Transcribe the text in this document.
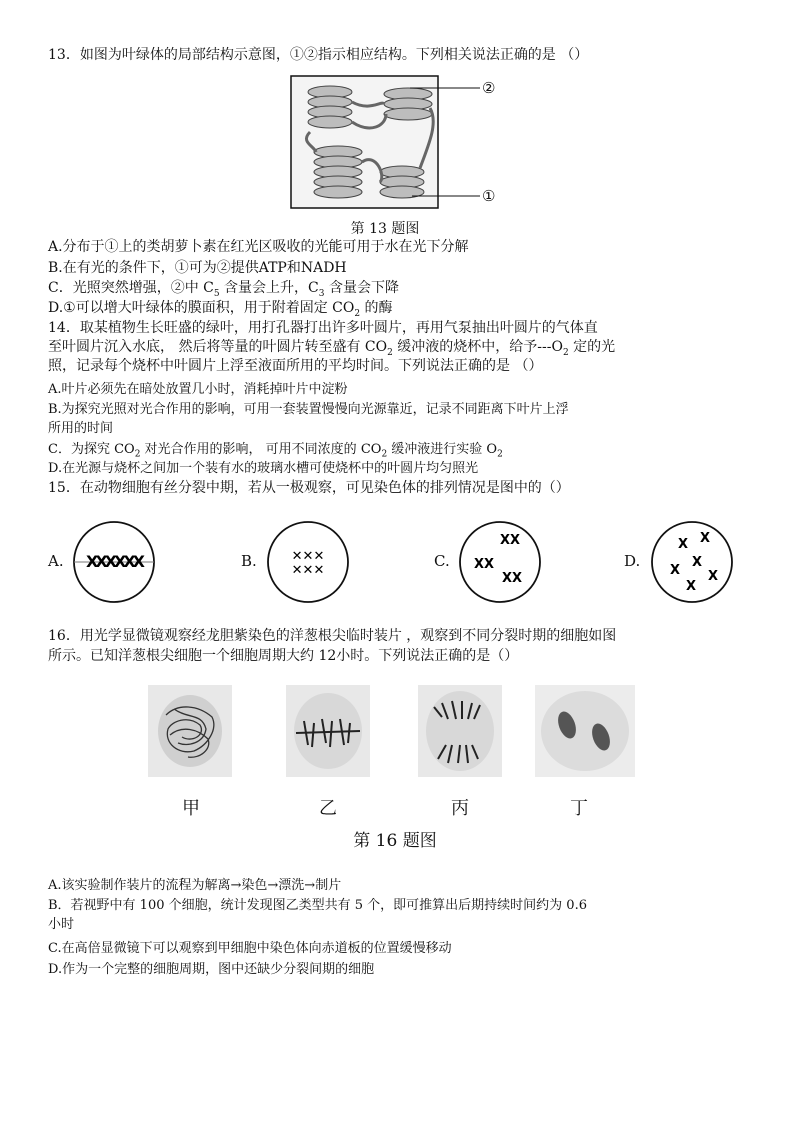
13．如图为叶绿体的局部结构示意图，①②指示相应结构。下列相关说法正确的是 （）
②
①
第 13 题图
A.分布于①上的类胡萝卜素在红光区吸收的光能可用于水在光下分解
B.在有光的条件下，①可为②提供ATP和NADH
C．光照突然增强，②中 $C_5$ 含量会上升，$C_3$ 含量会下降
D.①可以增大叶绿体的膜面积，用于附着固定 $CO_2$ 的酶
14．取某植物生长旺盛的绿叶，用打孔器打出许多叶圆片，再用气泵抽出叶圆片的气体直
至叶圆片沉入水底， 然后将等量的叶圆片转至盛有 $CO_2$ 缓冲液的烧杯中，给予$---O_2$ 定的光
照，记录每个烧杯中叶圆片上浮至液面所用的平均时间。下列说法正确的是 （）
A.叶片必须先在暗处放置几小时，消耗掉叶片中淀粉
B.为探究光照对光合作用的影响，可用一套装置慢慢向光源靠近，记录不同距离下叶片上浮
所用的时间
C．为探究 $CO_2$ 对光合作用的影响， 可用不同浓度的 $CO_2$ 缓冲液进行实验 $O_2$
D.在光源与烧杯之间加一个装有水的玻璃水槽可使烧杯中的叶圆片均匀照光
15．在动物细胞有丝分裂中期，若从一极观察，可见染色体的排列情况是图中的（）
A. ХХХХХХ	B.	✕✕✕
✕✕✕
C.
XX
XX
XX
D.
X X
X
X
X
X
16．用光学显微镜观察经龙胆紫染色的洋葱根尖临时装片 ，观察到不同分裂时期的细胞如图
所示。已知洋葱根尖细胞一个细胞周期大约 12小时。下列说法正确的是（）
甲	乙	丙	丁
第 16 题图
A.该实验制作装片的流程为解离→染色→漂洗→制片
B．若视野中有 100 个细胞，统计发现图乙类型共有 5 个，即可推算出后期持续时间约为 0.6
小时
C.在高倍显微镜下可以观察到甲细胞中染色体向赤道板的位置缓慢移动
D.作为一个完整的细胞周期，图中还缺少分裂间期的细胞
